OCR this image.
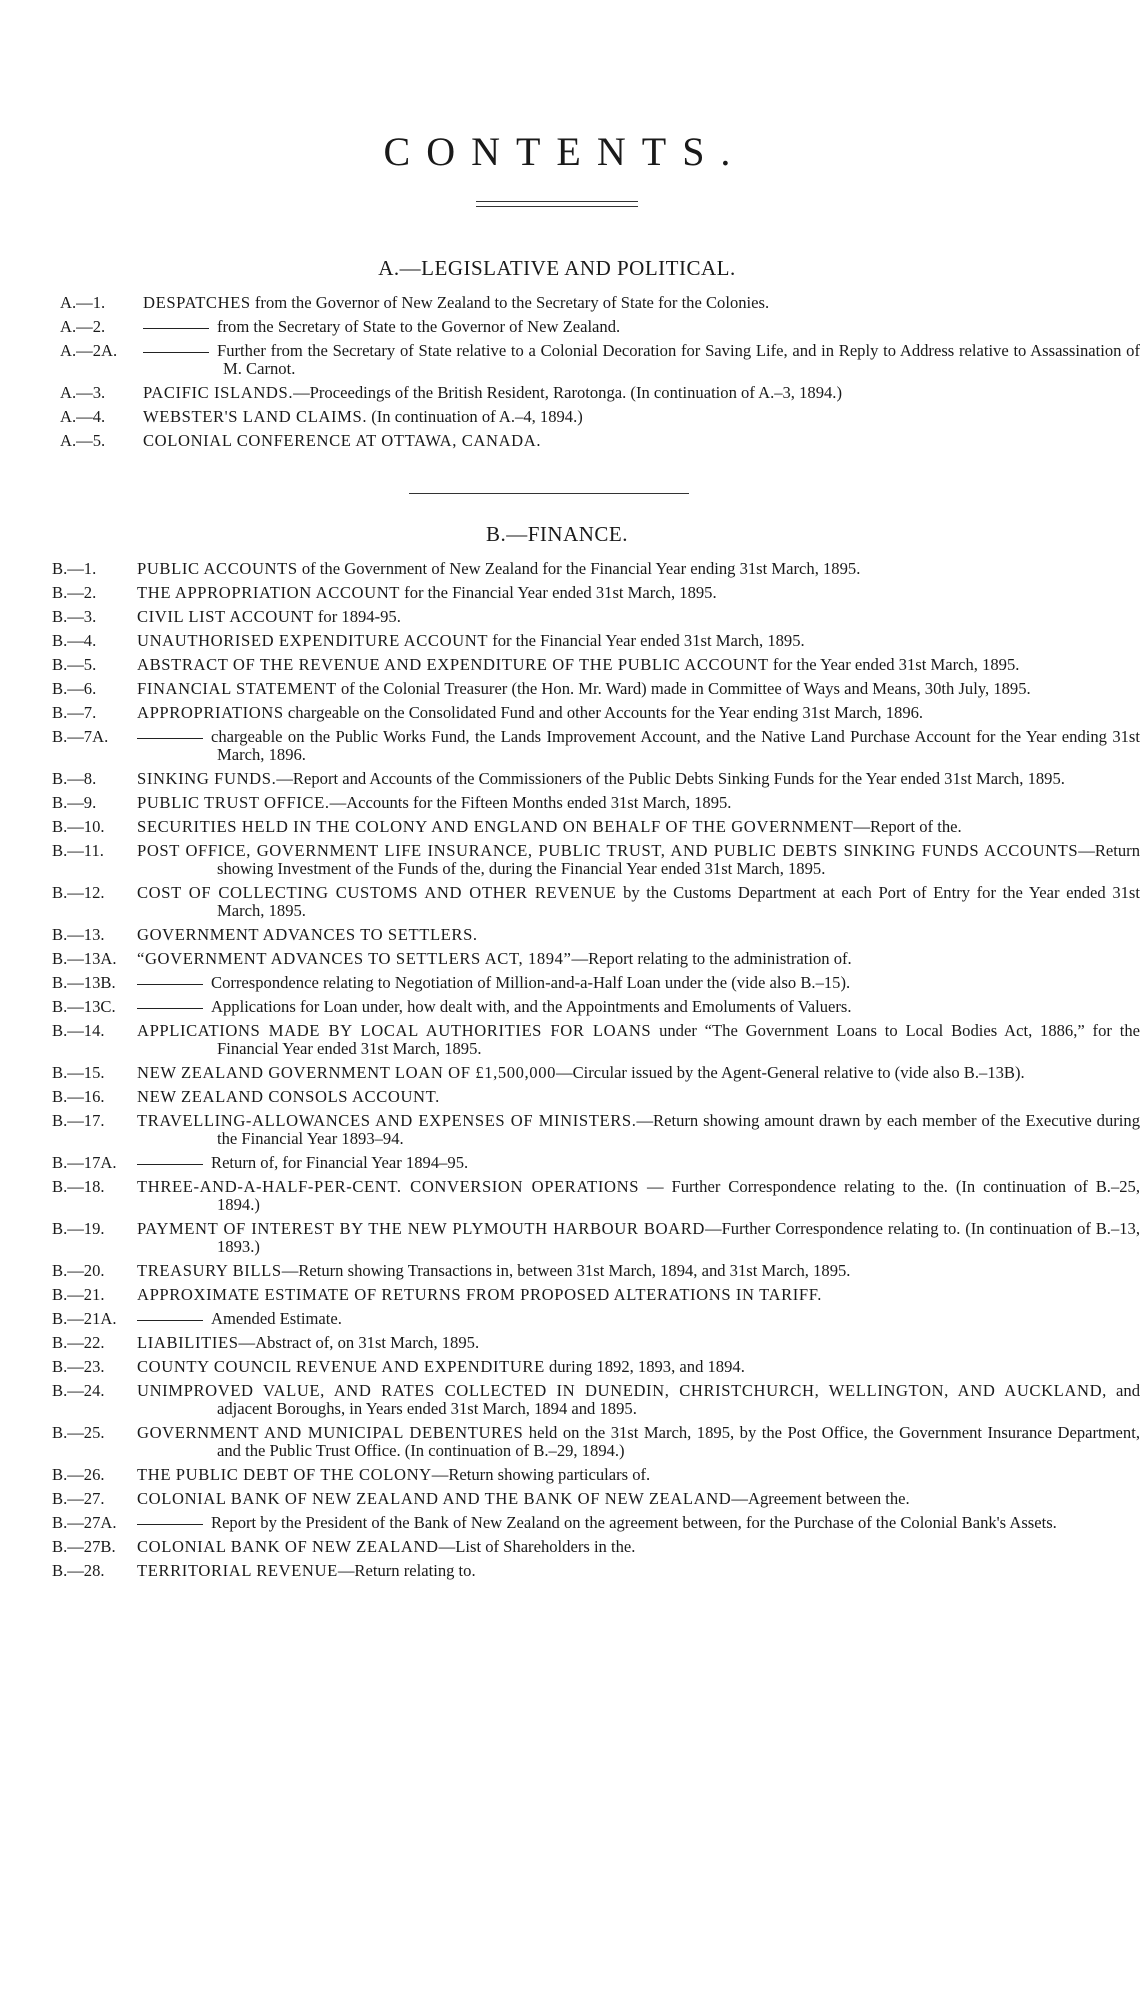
CONTENTS.
A.—LEGISLATIVE AND POLITICAL.
A.—1. DESPATCHES from the Governor of New Zealand to the Secretary of State for the Colonies.
A.—2.	from the Secretary of State to the Governor of New Zealand.
A.—2A.	Further from the Secretary of State relative to a Colonial Decoration for Saving Life, and in Reply to Address relative to Assassination of M. Carnot.
A.—3. PACIFIC ISLANDS.—Proceedings of the British Resident, Rarotonga. (In continuation of A.–3, 1894.)
A.—4. WEBSTER'S LAND CLAIMS. (In continuation of A.–4, 1894.)
A.—5. COLONIAL CONFERENCE AT OTTAWA, CANADA.
B.—FINANCE.
B.—1. PUBLIC ACCOUNTS of the Government of New Zealand for the Financial Year ending 31st March, 1895.
B.—2. THE APPROPRIATION ACCOUNT for the Financial Year ended 31st March, 1895.
B.—3. CIVIL LIST ACCOUNT for 1894-95.
B.—4. UNAUTHORISED EXPENDITURE ACCOUNT for the Financial Year ended 31st March, 1895.
B.—5. ABSTRACT OF THE REVENUE AND EXPENDITURE OF THE PUBLIC ACCOUNT for the Year ended 31st March, 1895.
B.—6. FINANCIAL STATEMENT of the Colonial Treasurer (the Hon. Mr. Ward) made in Committee of Ways and Means, 30th July, 1895.
B.—7. APPROPRIATIONS chargeable on the Consolidated Fund and other Accounts for the Year ending 31st March, 1896.
B.—7A.	chargeable on the Public Works Fund, the Lands Improvement Account, and the Native Land Purchase Account for the Year ending 31st March, 1896.
B.—8. SINKING FUNDS.—Report and Accounts of the Commissioners of the Public Debts Sinking Funds for the Year ended 31st March, 1895.
B.—9. PUBLIC TRUST OFFICE.—Accounts for the Fifteen Months ended 31st March, 1895.
B.—10. SECURITIES HELD IN THE COLONY AND ENGLAND ON BEHALF OF THE GOVERNMENT—Report of the.
B.—11. POST OFFICE, GOVERNMENT LIFE INSURANCE, PUBLIC TRUST, AND PUBLIC DEBTS SINKING FUNDS ACCOUNTS—Return showing Investment of the Funds of the, during the Financial Year ended 31st March, 1895.
B.—12. COST OF COLLECTING CUSTOMS AND OTHER REVENUE by the Customs Department at each Port of Entry for the Year ended 31st March, 1895.
B.—13. GOVERNMENT ADVANCES TO SETTLERS.
B.—13A. “GOVERNMENT ADVANCES TO SETTLERS ACT, 1894”—Report relating to the administration of.
B.—13B.	Correspondence relating to Negotiation of Million-and-a-Half Loan under the (vide also B.–15).
B.—13C.	Applications for Loan under, how dealt with, and the Appointments and Emoluments of Valuers.
B.—14. APPLICATIONS MADE BY LOCAL AUTHORITIES FOR LOANS under “The Government Loans to Local Bodies Act, 1886,” for the Financial Year ended 31st March, 1895.
B.—15. NEW ZEALAND GOVERNMENT LOAN OF £1,500,000—Circular issued by the Agent-General relative to (vide also B.–13B).
B.—16. NEW ZEALAND CONSOLS ACCOUNT.
B.—17. TRAVELLING-ALLOWANCES AND EXPENSES OF MINISTERS.—Return showing amount drawn by each member of the Executive during the Financial Year 1893–94.
B.—17A.	Return of, for Financial Year 1894–95.
B.—18. THREE-AND-A-HALF-PER-CENT. CONVERSION OPERATIONS — Further Correspondence relating to the. (In continuation of B.–25, 1894.)
B.—19. PAYMENT OF INTEREST BY THE NEW PLYMOUTH HARBOUR BOARD—Further Correspondence relating to. (In continuation of B.–13, 1893.)
B.—20. TREASURY BILLS—Return showing Transactions in, between 31st March, 1894, and 31st March, 1895.
B.—21. APPROXIMATE ESTIMATE OF RETURNS FROM PROPOSED ALTERATIONS IN TARIFF.
B.—21A.	Amended Estimate.
B.—22. LIABILITIES—Abstract of, on 31st March, 1895.
B.—23. COUNTY COUNCIL REVENUE AND EXPENDITURE during 1892, 1893, and 1894.
B.—24. UNIMPROVED VALUE, AND RATES COLLECTED IN DUNEDIN, CHRISTCHURCH, WELLINGTON, AND AUCKLAND, and adjacent Boroughs, in Years ended 31st March, 1894 and 1895.
B.—25. GOVERNMENT AND MUNICIPAL DEBENTURES held on the 31st March, 1895, by the Post Office, the Government Insurance Department, and the Public Trust Office. (In continuation of B.–29, 1894.)
B.—26. THE PUBLIC DEBT OF THE COLONY—Return showing particulars of.
B.—27. COLONIAL BANK OF NEW ZEALAND AND THE BANK OF NEW ZEALAND—Agreement between the.
B.—27A.	Report by the President of the Bank of New Zealand on the agreement between, for the Purchase of the Colonial Bank's Assets.
B.—27B. COLONIAL BANK OF NEW ZEALAND—List of Shareholders in the.
B.—28. TERRITORIAL REVENUE—Return relating to.
